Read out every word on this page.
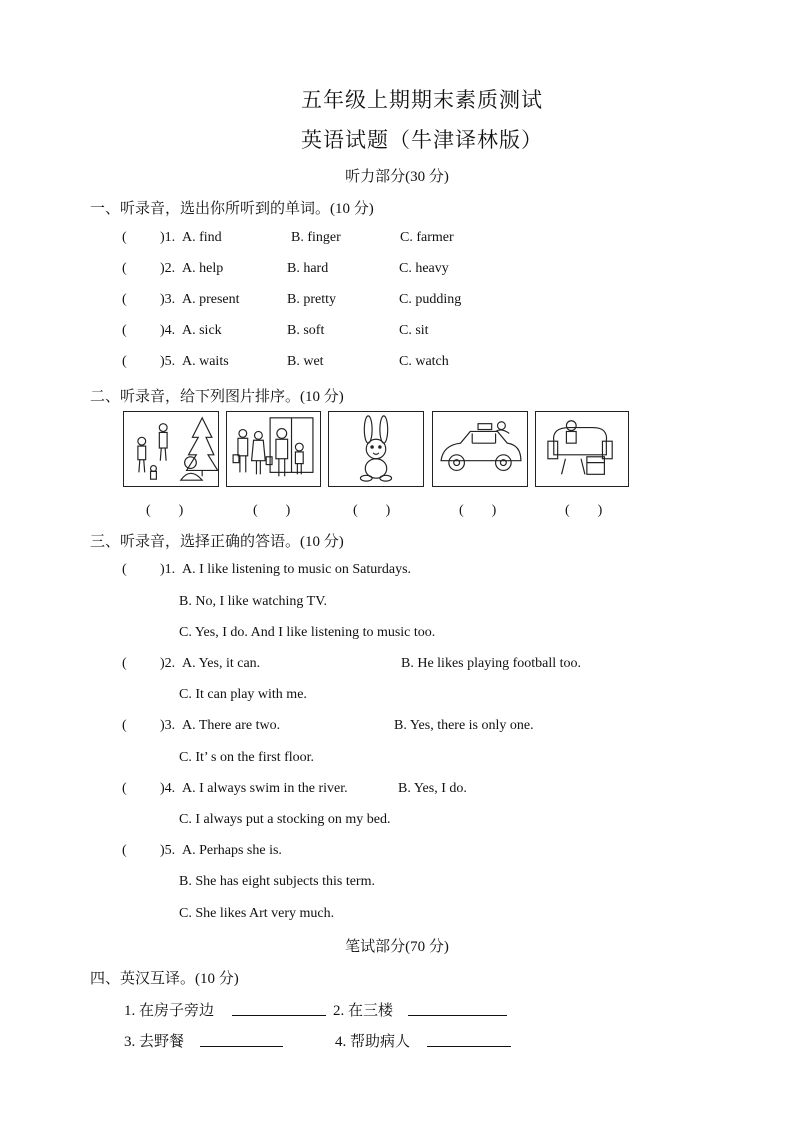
五年级上期期末素质测试
英语试题（牛津译林版）
听力部分(30 分)
一、听录音，选出你所听到的单词。(10 分)
( )1. A. find	B. finger	C. farmer
( )2. A. help	B. hard	C. heavy
( )3. A. present	B. pretty	C. pudding
( )4. A. sick	B. soft	C. sit
( )5. A. waits	B. wet	C. watch
二、听录音，给下列图片排序。(10 分)
(　　)	(　　)	(　　)	(　　)	(　　)
三、听录音，选择正确的答语。(10 分)
( )1. A. I like listening to music on Saturdays.
B. No, I like watching TV.
C. Yes, I do. And I like listening to music too.
( )2. A. Yes, it can.	B. He likes playing football too.
C. It can play with me.
( )3. A. There are two.	B. Yes, there is only one.
C. It’ s on the first floor.
( )4. A. I always swim in the river.	B. Yes, I do.
C. I always put a stocking on my bed.
( )5. A. Perhaps she is.
B. She has eight subjects this term.
C. She likes Art very much.
笔试部分(70 分)
四、英汉互译。(10 分)
1. 在房子旁边	2. 在三楼
3. 去野餐	4. 帮助病人
